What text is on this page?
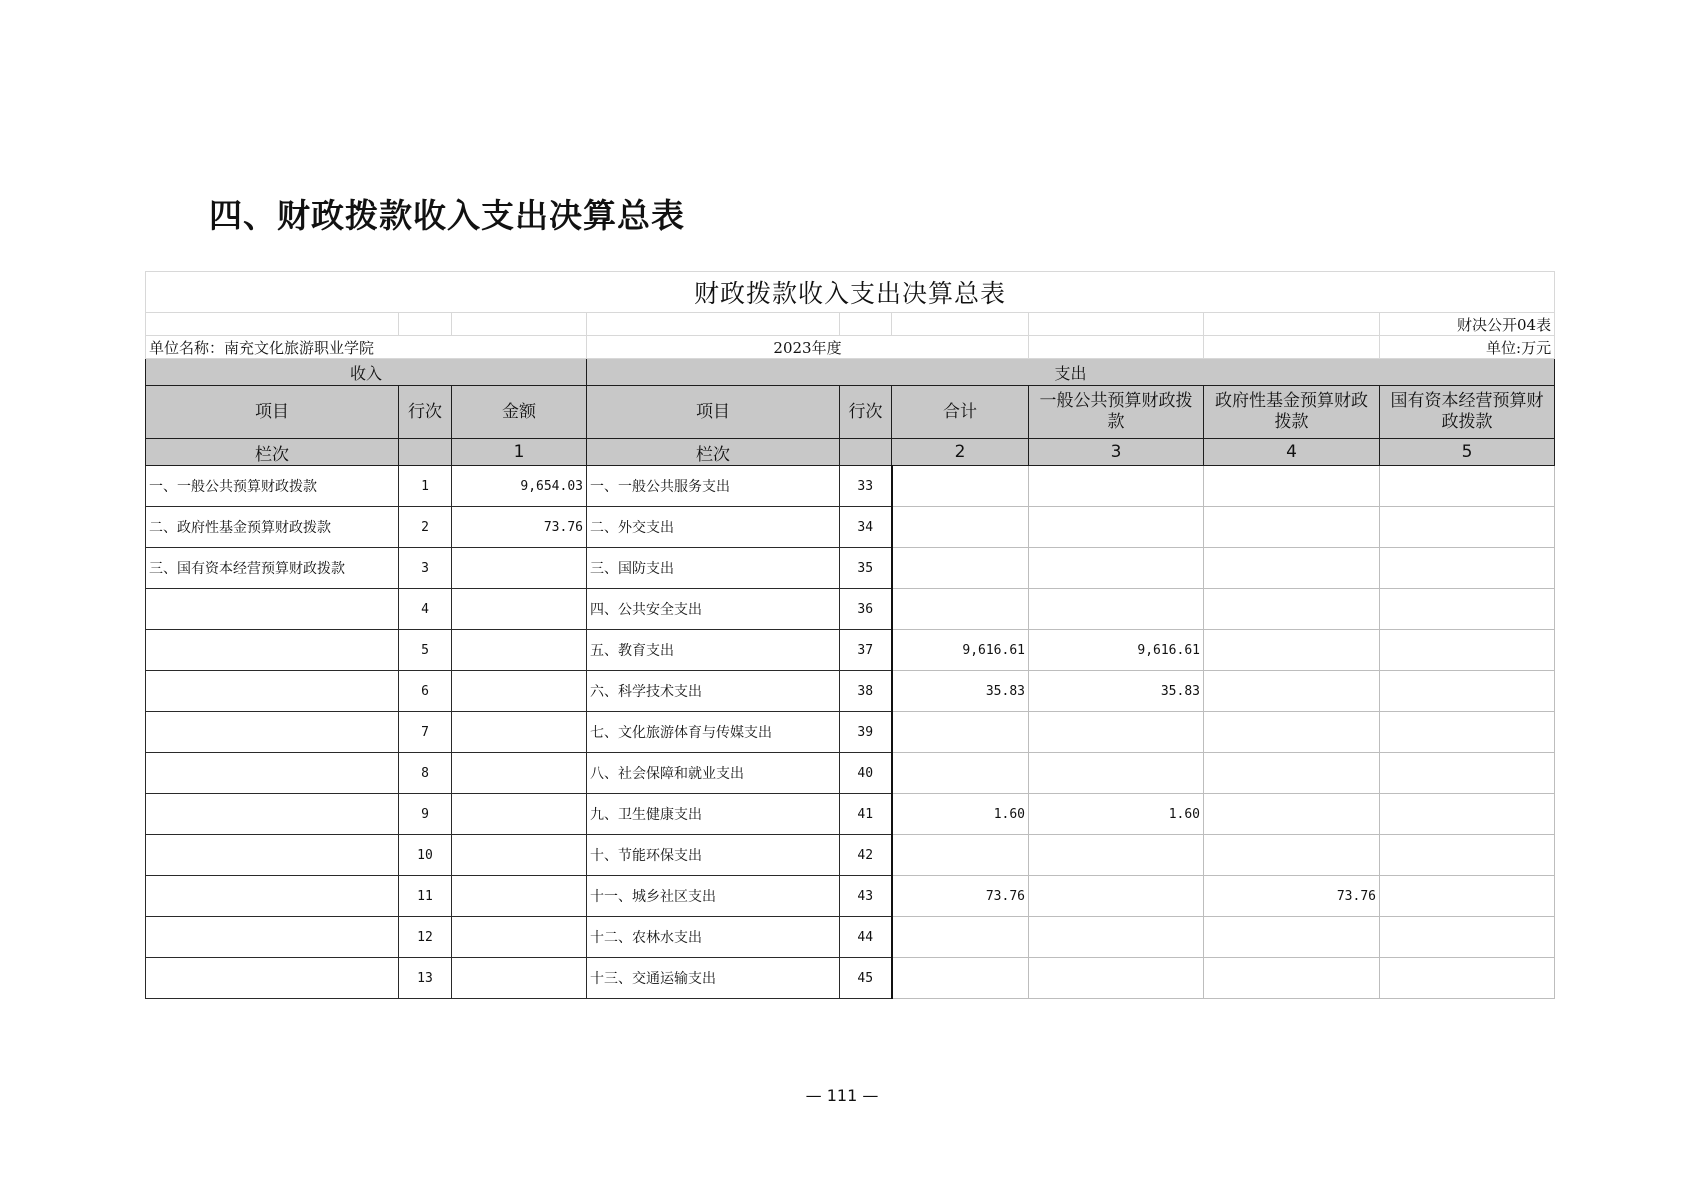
四、财政拨款收入支出决算总表
财政拨款收入支出决算总表								
								财决公开04表
单位名称：南充文化旅游职业学院			2023年度					单位:万元
收入			支出					
项目	行次	金额	项目	行次	合计	一般公共预算财政拨款	政府性基金预算财政拨款	国有资本经营预算财政拨款
栏次		1	栏次		2	3	4	5
一、一般公共预算财政拨款	1	9,654.03	一、一般公共服务支出	33				
二、政府性基金预算财政拨款	2	73.76	二、外交支出	34				
三、国有资本经营预算财政拨款	3		三、国防支出	35				
	4		四、公共安全支出	36				
	5		五、教育支出	37	9,616.61	9,616.61		
	6		六、科学技术支出	38	35.83	35.83		
	7		七、文化旅游体育与传媒支出	39				
	8		八、社会保障和就业支出	40				
	9		九、卫生健康支出	41	1.60	1.60		
	10		十、节能环保支出	42				
	11		十一、城乡社区支出	43	73.76		73.76	
	12		十二、农林水支出	44				
	13		十三、交通运输支出	45				
— 111 —
